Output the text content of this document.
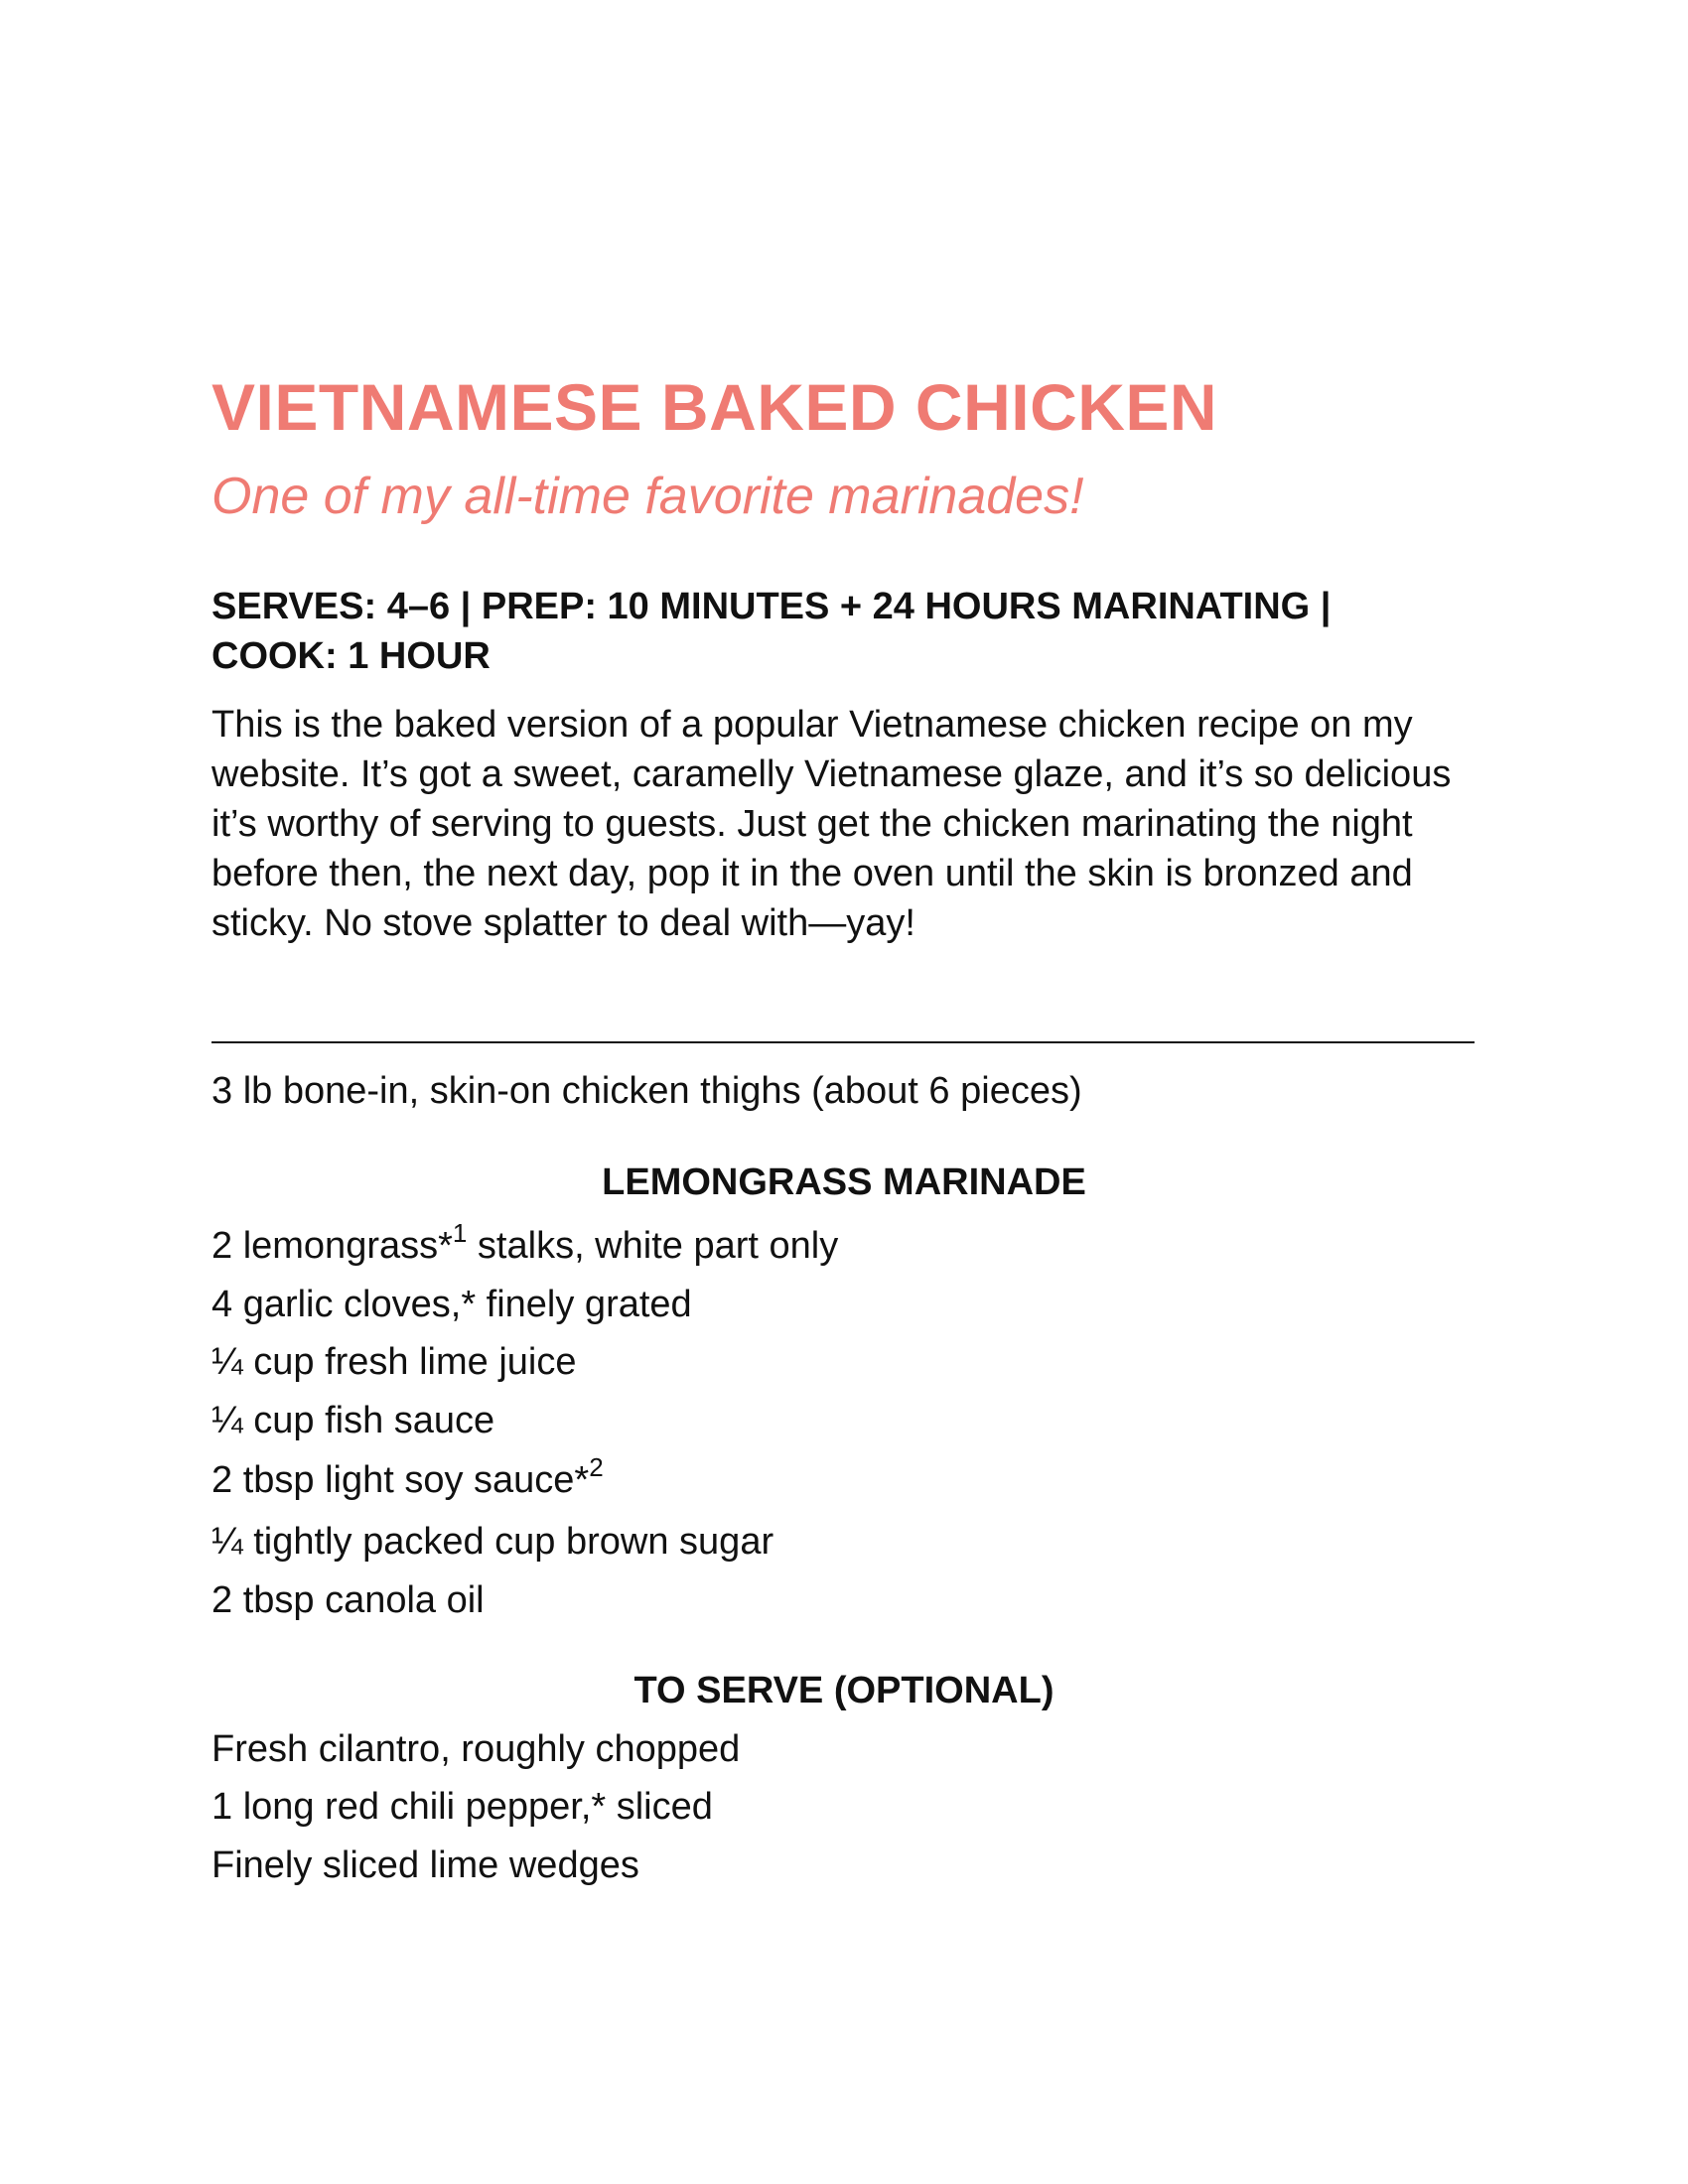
VIETNAMESE BAKED CHICKEN

One of my all-time favorite marinades!

SERVES: 4–6 | PREP: 10 MINUTES + 24 HOURS MARINATING |
COOK: 1 HOUR

This is the baked version of a popular Vietnamese chicken recipe on my website. It’s got a sweet, caramelly Vietnamese glaze, and it’s so delicious it’s worthy of serving to guests. Just get the chicken marinating the night before then, the next day, pop it in the oven until the skin is bronzed and sticky. No stove splatter to deal with—yay!

3 lb bone-in, skin-on chicken thighs (about 6 pieces)

LEMONGRASS MARINADE

2 lemongrass*$^1$ stalks, white part only

4 garlic cloves,* finely grated

¼ cup fresh lime juice

¼ cup fish sauce

2 tbsp light soy sauce*$^2$

¼ tightly packed cup brown sugar

2 tbsp canola oil

TO SERVE (OPTIONAL)

Fresh cilantro, roughly chopped

1 long red chili pepper,* sliced

Finely sliced lime wedges
